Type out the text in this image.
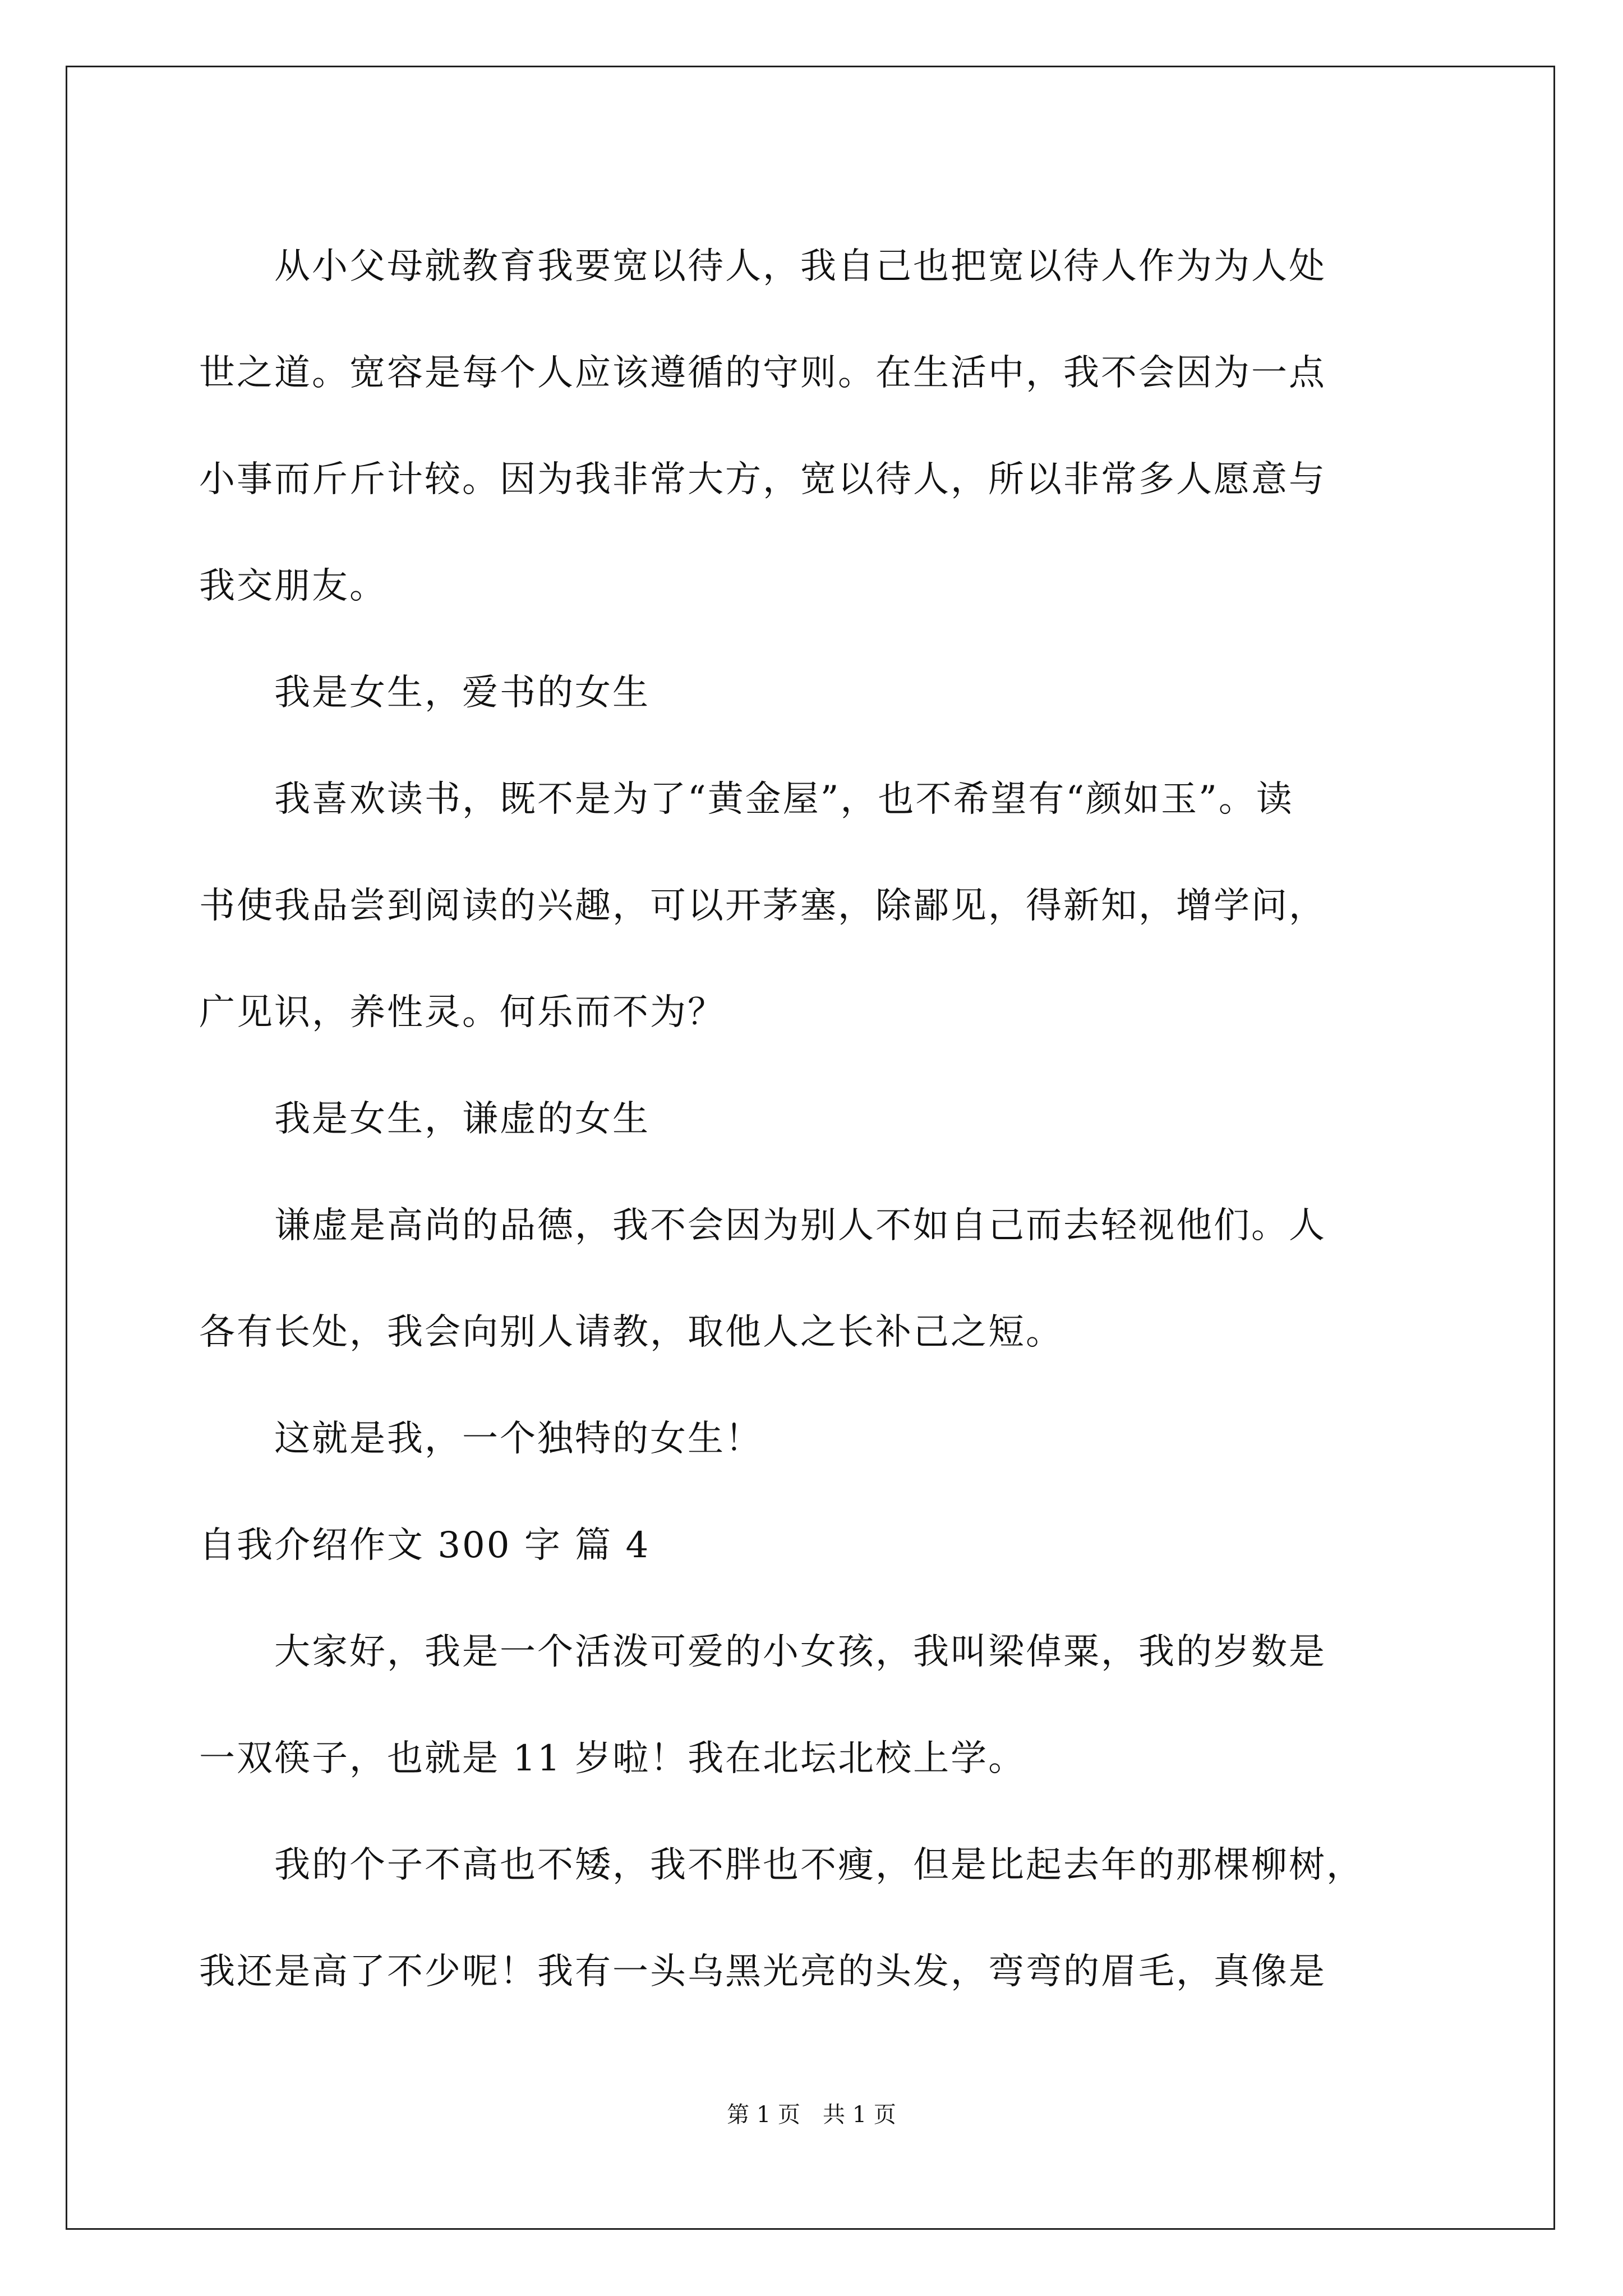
　　从小父母就教育我要宽以待人，我自己也把宽以待人作为为人处
世之道。宽容是每个人应该遵循的守则。在生活中，我不会因为一点
小事而斤斤计较。因为我非常大方，宽以待人，所以非常多人愿意与
我交朋友。
　　我是女生，爱书的女生
　　我喜欢读书，既不是为了“黄金屋”，也不希望有“颜如玉”。读
书使我品尝到阅读的兴趣，可以开茅塞，除鄙见，得新知，增学问，
广见识，养性灵。何乐而不为？
　　我是女生，谦虚的女生
　　谦虚是高尚的品德，我不会因为别人不如自己而去轻视他们。人
各有长处，我会向别人请教，取他人之长补己之短。
　　这就是我，一个独特的女生！
自我介绍作文 300 字 篇 4
　　大家好，我是一个活泼可爱的小女孩，我叫梁倬粟，我的岁数是
一双筷子，也就是 11 岁啦！我在北坛北校上学。
　　我的个子不高也不矮，我不胖也不瘦，但是比起去年的那棵柳树，
我还是高了不少呢！我有一头乌黑光亮的头发，弯弯的眉毛，真像是
第 1 页　共 1 页
